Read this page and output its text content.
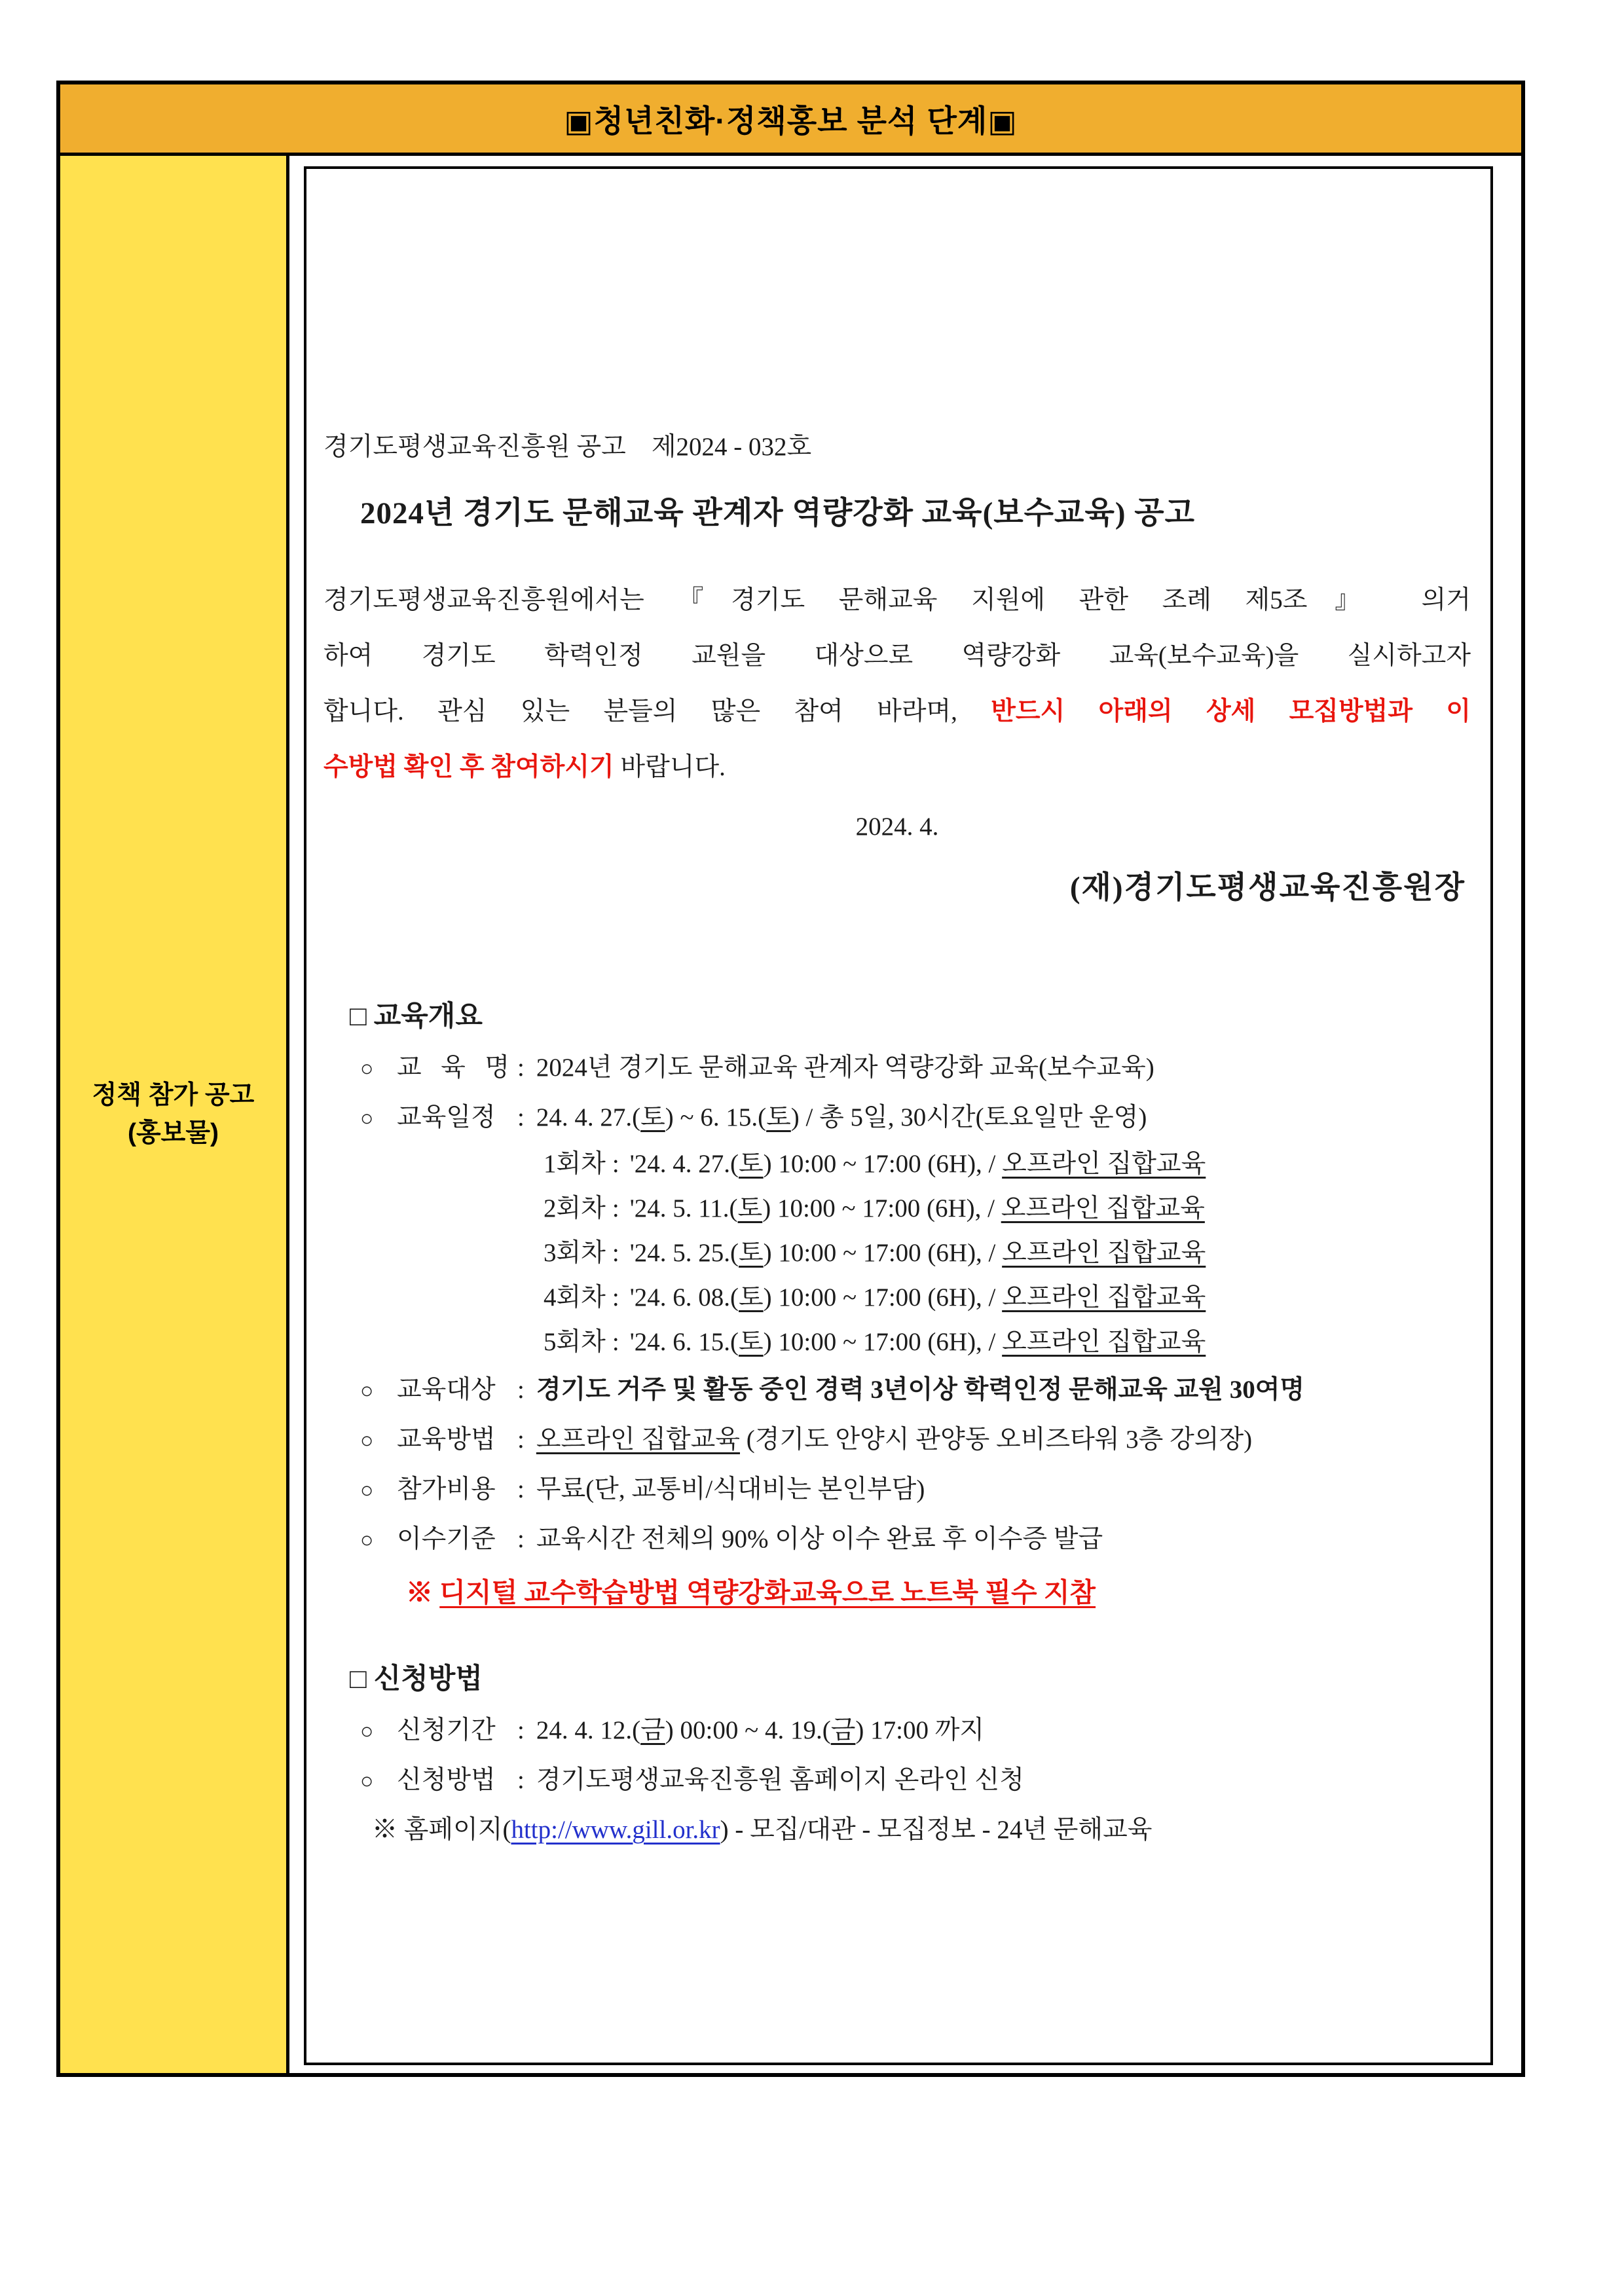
▣청년친화·정책홍보 분석 단계▣
정책 참가 공고
(홍보물)
경기도평생교육진흥원 공고　제2024 - 032호
2024년 경기도 문해교육 관계자 역량강화 교육(보수교육) 공고
경기도평생교육진흥원에서는 『경기도 문해교육 지원에 관한 조례 제5조』 의거
하여 경기도 학력인정 교원을 대상으로 역량강화 교육(보수교육)을 실시하고자
합니다. 관심 있는 분들의 많은 참여 바라며, 반드시 아래의 상세 모집방법과 이
수방법 확인 후 참여하시기 바랍니다.
2024. 4.
(재)경기도평생교육진흥원장
□ 교육개요
○ 교 육 명 : 2024년 경기도 문해교육 관계자 역량강화 교육(보수교육)
○ 교육일정 : 24. 4. 27.(토) ~ 6. 15.(토) / 총 5일, 30시간(토요일만 운영)
1회차 : '24. 4. 27.(토) 10:00 ~ 17:00 (6H), / 오프라인 집합교육
2회차 : '24. 5. 11.(토) 10:00 ~ 17:00 (6H), / 오프라인 집합교육
3회차 : '24. 5. 25.(토) 10:00 ~ 17:00 (6H), / 오프라인 집합교육
4회차 : '24. 6. 08.(토) 10:00 ~ 17:00 (6H), / 오프라인 집합교육
5회차 : '24. 6. 15.(토) 10:00 ~ 17:00 (6H), / 오프라인 집합교육
○ 교육대상 : 경기도 거주 및 활동 중인 경력 3년이상 학력인정 문해교육 교원 30여명
○ 교육방법 : 오프라인 집합교육 (경기도 안양시 관양동 오비즈타워 3층 강의장)
○ 참가비용 : 무료(단, 교통비/식대비는 본인부담)
○ 이수기준 : 교육시간 전체의 90% 이상 이수 완료 후 이수증 발급
※ 디지털 교수학습방법 역량강화교육으로 노트북 필수 지참
□ 신청방법
○ 신청기간 : 24. 4. 12.(금) 00:00 ~ 4. 19.(금) 17:00 까지
○ 신청방법 : 경기도평생교육진흥원 홈페이지 온라인 신청
※ 홈페이지(http://www.gill.or.kr) - 모집/대관 - 모집정보 - 24년 문해교육
